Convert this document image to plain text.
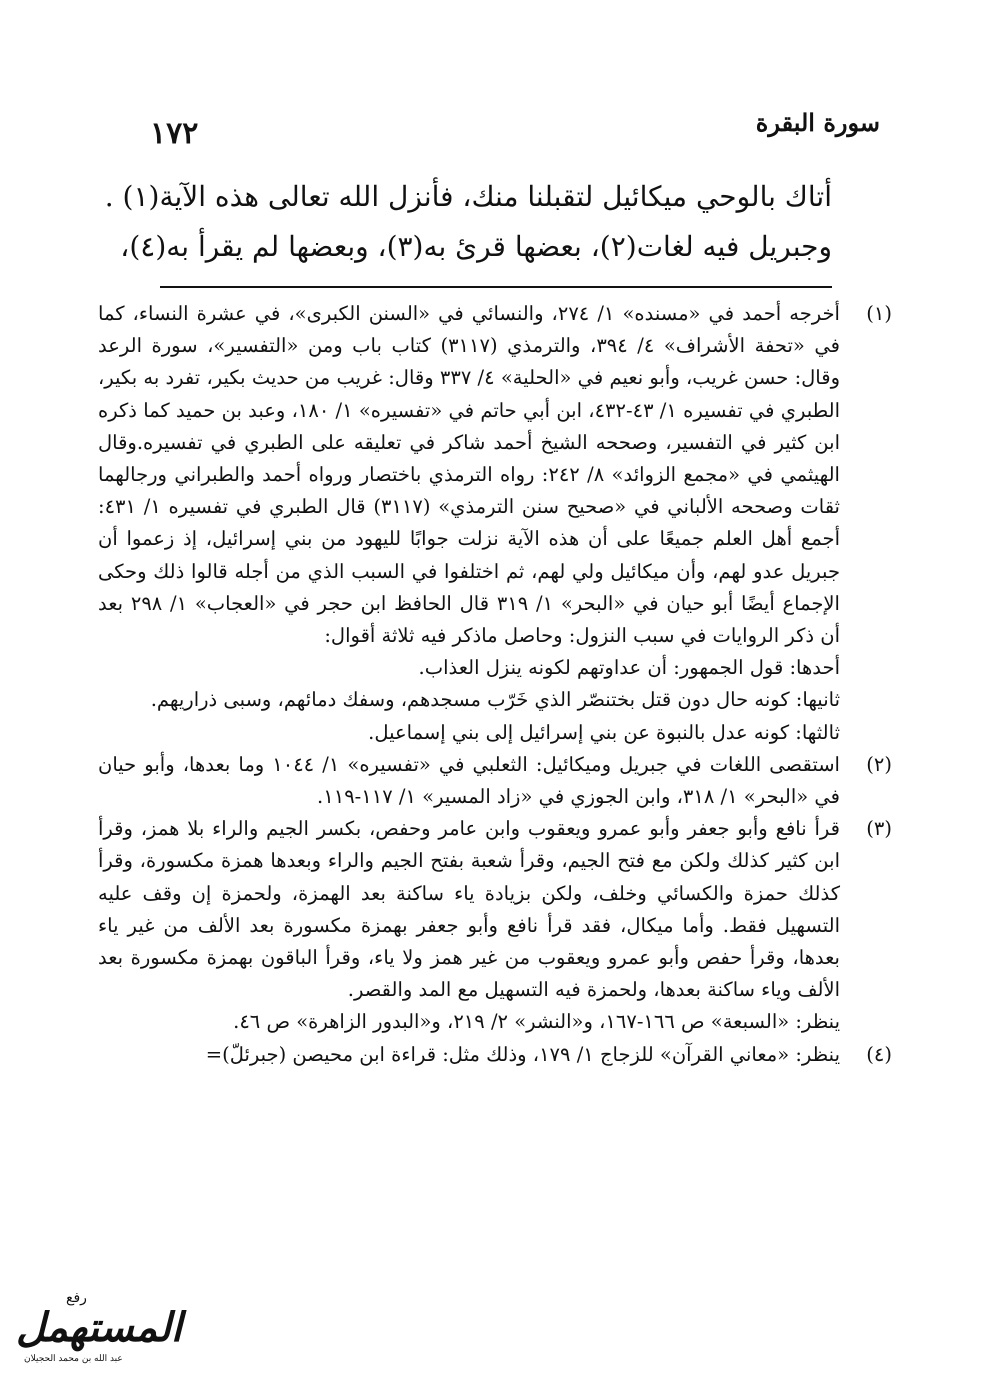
سورة البقرة
١٧٢

أتاك بالوحي ميكائيل لتقبلنا منك، فأنزل الله تعالى هذه الآية(١) .

وجبريل فيه لغات(٢)، بعضها قرئ به(٣)، وبعضها لم يقرأ به(٤)،

(١)

أخرجه أحمد في «مسنده» ١/ ٢٧٤، والنسائي في «السنن الكبرى»، في عشرة النساء، كما في «تحفة الأشراف» ٤/ ٣٩٤، والترمذي (٣١١٧) كتاب باب ومن «التفسير»، سورة الرعد وقال: حسن غريب، وأبو نعيم في «الحلية» ٤/ ٣٣٧ وقال: غريب من حديث بكير، تفرد به بكير، الطبري في تفسيره ١/ ٤٣-٤٣٢، ابن أبي حاتم في «تفسيره» ١/ ١٨٠، وعبد بن حميد كما ذكره ابن كثير في التفسير، وصححه الشيخ أحمد شاكر في تعليقه على الطبري في تفسيره.وقال الهيثمي في «مجمع الزوائد» ٨/ ٢٤٢: رواه الترمذي باختصار ورواه أحمد والطبراني ورجالهما ثقات وصححه الألباني في «صحيح سنن الترمذي» (٣١١٧) قال الطبري في تفسيره ١/ ٤٣١: أجمع أهل العلم جميعًا على أن هذه الآية نزلت جوابًا لليهود من بني إسرائيل، إذ زعموا أن جبريل عدو لهم، وأن ميكائيل ولي لهم، ثم اختلفوا في السبب الذي من أجله قالوا ذلك وحكى الإجماع أيضًا أبو حيان في «البحر» ١/ ٣١٩ قال الحافظ ابن حجر في «العجاب» ١/ ٢٩٨ بعد أن ذكر الروايات في سبب النزول: وحاصل ماذكر فيه ثلاثة أقوال:

أحدها: قول الجمهور: أن عداوتهم لكونه ينزل العذاب.

ثانيها: كونه حال دون قتل بختنصّر الذي خَرّب مسجدهم، وسفك دمائهم، وسبى ذراريهم.

ثالثها: كونه عدل بالنبوة عن بني إسرائيل إلى بني إسماعيل.

(٢)

استقصى اللغات في جبريل وميكائيل: الثعلبي في «تفسيره» ١/ ١٠٤٤ وما بعدها، وأبو حيان في «البحر» ١/ ٣١٨، وابن الجوزي في «زاد المسير» ١/ ١١٧-١١٩.

(٣)

قرأ نافع وأبو جعفر وأبو عمرو ويعقوب وابن عامر وحفص، بكسر الجيم والراء بلا همز، وقرأ ابن كثير كذلك ولكن مع فتح الجيم، وقرأ شعبة بفتح الجيم والراء وبعدها همزة مكسورة، وقرأ كذلك حمزة والكسائي وخلف، ولكن بزيادة ياء ساكنة بعد الهمزة، ولحمزة إن وقف عليه التسهيل فقط. وأما ميكال، فقد قرأ نافع وأبو جعفر بهمزة مكسورة بعد الألف من غير ياء بعدها، وقرأ حفص وأبو عمرو ويعقوب من غير همز ولا ياء، وقرأ الباقون بهمزة مكسورة بعد الألف وياء ساكنة بعدها، ولحمزة فيه التسهيل مع المد والقصر.

ينظر: «السبعة» ص ١٦٦-١٦٧، و«النشر» ٢/ ٢١٩، و«البدور الزاهرة» ص ٤٦.

(٤)

ينظر: «معاني القرآن» للزجاج ١/ ١٧٩، وذلك مثل: قراءة ابن محيصن (جبرئلّ)=

رفع
المستهمل
عبد الله بن محمد الحجيلان
